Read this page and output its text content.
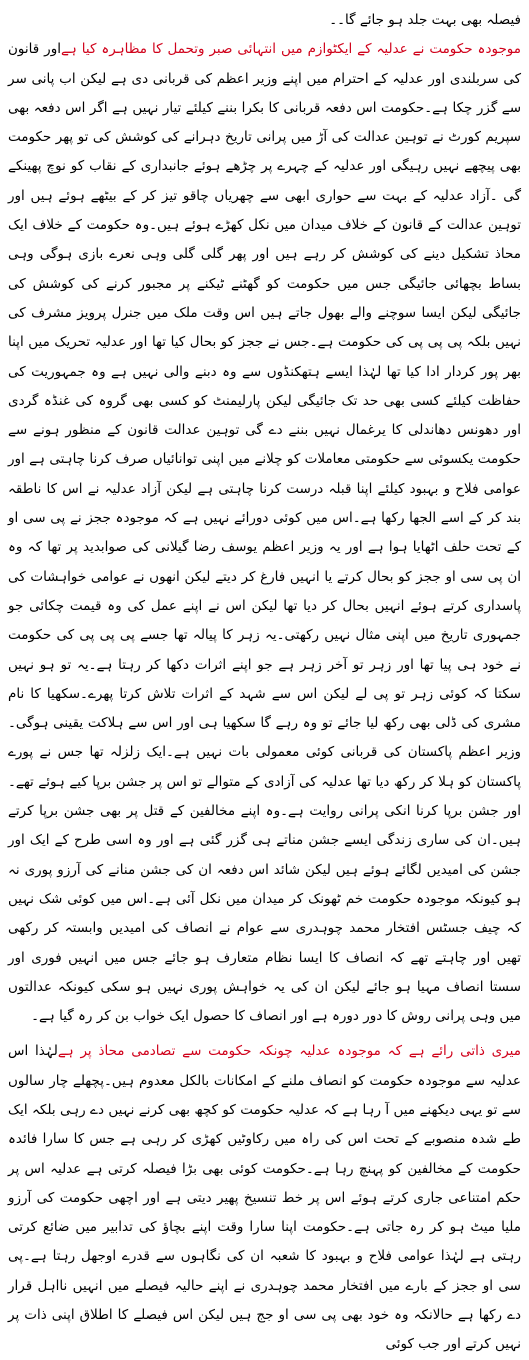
فیصلہ بھی بہت جلد ہو جائے گا۔۔

موجودہ حکومت نے عدلیہ کے ایکٹوازم میں انتہائی صبر وتحمل کا مظاہرہ کیا ہےاور قانون کی سربلندی اور عدلیہ کے احترام میں اپنے وزیر اعظم کی قربانی دی ہے لیکن اب پانی سر سے گزر چکا ہے۔حکومت اس دفعہ قربانی کا بکرا بننے کیلئے تیار نہیں ہے اگر اس دفعہ بھی سپریم کورٹ نے توہین عدالت کی آڑ میں پرانی تاریخ دہرانے کی کوشش کی تو پھر حکومت بھی پیچھے نہیں رہیگی اور عدلیہ کے چہرے پر چڑھے ہوئے جانبداری کے نقاب کو نوچ پھینکے گی ۔آزاد عدلیہ کے بہت سے حواری ابھی سے چھریاں چاقو تیز کر کے بیٹھے ہوئے ہیں اور توہین عدالت کے قانون کے خلاف میدان میں نکل کھڑے ہوئے ہیں۔وہ حکومت کے خلاف ایک محاذ تشکیل دینے کی کوشش کر رہے ہیں اور پھر گلی گلی وہی نعرے بازی ہوگی وہی بساط بچھائی جائیگی جس میں حکومت کو گھٹنے ٹیکنے پر مجبور کرنے کی کوشش کی جائیگی لیکن ایسا سوچنے والے بھول جاتے ہیں اس وقت ملک میں جنرل پرویز مشرف کی نہیں بلکہ پی پی پی کی حکومت ہے۔جس نے ججز کو بحال کیا تھا اور عدلیہ تحریک میں اپنا بھر پور کردار ادا کیا تھا لہٰذا ایسے ہتھکنڈوں سے وہ دبنے والی نہیں ہے وہ جمہوریت کی حفاظت کیلئے کسی بھی حد تک جائیگی لیکن پارلیمنٹ کو کسی بھی گروہ کی غنڈہ گردی اور دھونس دھاندلی کا یرغمال نہیں بننے دے گی توہین عدالت قانون کے منظور ہونے سے حکومت یکسوئی سے حکومتی معاملات کو چلانے میں اپنی توانائیاں صرف کرنا چاہتی ہے اور عوامی فلاح و بہبود کیلئے اپنا قبلہ درست کرنا چاہتی ہے لیکن آزاد عدلیہ نے اس کا ناطقہ بند کر کے اسے الجھا رکھا ہے۔اس میں کوئی دورائے نہیں ہے کہ موجودہ ججز نے پی سی او کے تحت حلف اٹھایا ہوا ہے اور یہ وزیر اعظم یوسف رضا گیلانی کی صوابدید پر تھا کہ وہ ان پی سی او ججز کو بحال کرتے یا انہیں فارغ کر دیتے لیکن انھوں نے عوامی خواہشات کی پاسداری کرتے ہوئے انہیں بحال کر دیا تھا لیکن اس نے اپنے عمل کی وہ قیمت چکائی جو جمہوری تاریخ میں اپنی مثال نہیں رکھتی۔یہ زہر کا پیالہ تھا جسے پی پی پی کی حکومت نے خود ہی پیا تھا اور زہر تو آخر زہر ہے جو اپنے اثرات دکھا کر رہتا ہے۔یہ تو ہو نہیں سکتا کہ کوئی زہر تو پی لے لیکن اس سے شہد کے اثرات تلاش کرتا پھرے۔سکھیا کا نام مشری کی ڈلی بھی رکھ لیا جائے تو وہ رہے گا سکھیا ہی اور اس سے ہلاکت یقینی ہوگی۔وزیر اعظم پاکستان کی قربانی کوئی معمولی بات نہیں ہے۔ایک زلزلہ تھا جس نے پورے پاکستان کو ہلا کر رکھ دیا تھا عدلیہ کی آزادی کے متوالے تو اس پر جشن برپا کیے ہوئے تھے۔اور جشن برپا کرنا انکی پرانی روایت ہے۔وہ اپنے مخالفین کے قتل پر بھی جشن برپا کرتے ہیں۔ان کی ساری زندگی ایسے جشن مناتے ہی گزر گئی ہے اور وہ اسی طرح کے ایک اور جشن کی امیدیں لگائے ہوئے ہیں لیکن شائد اس دفعہ ان کی جشن منانے کی آرزو پوری نہ ہو کیونکہ موجودہ حکومت خم ٹھونک کر میدان میں نکل آئی ہے۔اس میں کوئی شک نہیں کہ چیف جسٹس افتخار محمد چوہدری سے عوام نے انصاف کی امیدیں وابستہ کر رکھی تھیں اور چاہتے تھے کہ انصاف کا ایسا نظام متعارف ہو جائے جس میں انہیں فوری اور سستا انصاف مہیا ہو جائے لیکن ان کی یہ خواہش پوری نہیں ہو سکی کیونکہ عدالتوں میں وہی پرانی روش کا دور دورہ ہے اور انصاف کا حصول ایک خواب بن کر رہ گیا ہے۔

میری ذاتی رائے ہے کہ موجودہ عدلیہ چونکہ حکومت سے تصادمی محاذ پر ہےلہٰذا اس عدلیہ سے موجودہ حکومت کو انصاف ملنے کے امکانات بالکل معدوم ہیں۔پچھلے چار سالوں سے تو یہی دیکھنے میں آ رہا ہے کہ عدلیہ حکومت کو کچھ بھی کرنے نہیں دے رہی بلکہ ایک طے شدہ منصوبے کے تحت اس کی راہ میں رکاوٹیں کھڑی کر رہی ہے جس کا سارا فائدہ حکومت کے مخالفین کو پہنچ رہا ہے۔حکومت کوئی بھی بڑا فیصلہ کرتی ہے عدلیہ اس پر حکم امتناعی جاری کرتے ہوئے اس پر خط تنسیخ پھیر دیتی ہے اور اچھی حکومت کی آرزو ملیا میٹ ہو کر رہ جاتی ہے۔حکومت اپنا سارا وقت اپنے بچاؤ کی تدابیر میں ضائع کرتی رہتی ہے لہٰذا عوامی فلاح و بہبود کا شعبہ ان کی نگاہوں سے قدرے اوجھل رہتا ہے۔پی سی او ججز کے بارے میں افتخار محمد چوہدری نے اپنے حالیہ فیصلے میں انہیں نااہل قرار دے رکھا ہے حالانکہ وہ خود بھی پی سی او جج ہیں لیکن اس فیصلے کا اطلاق اپنی ذات پر نہیں کرتے اور جب کوئی
